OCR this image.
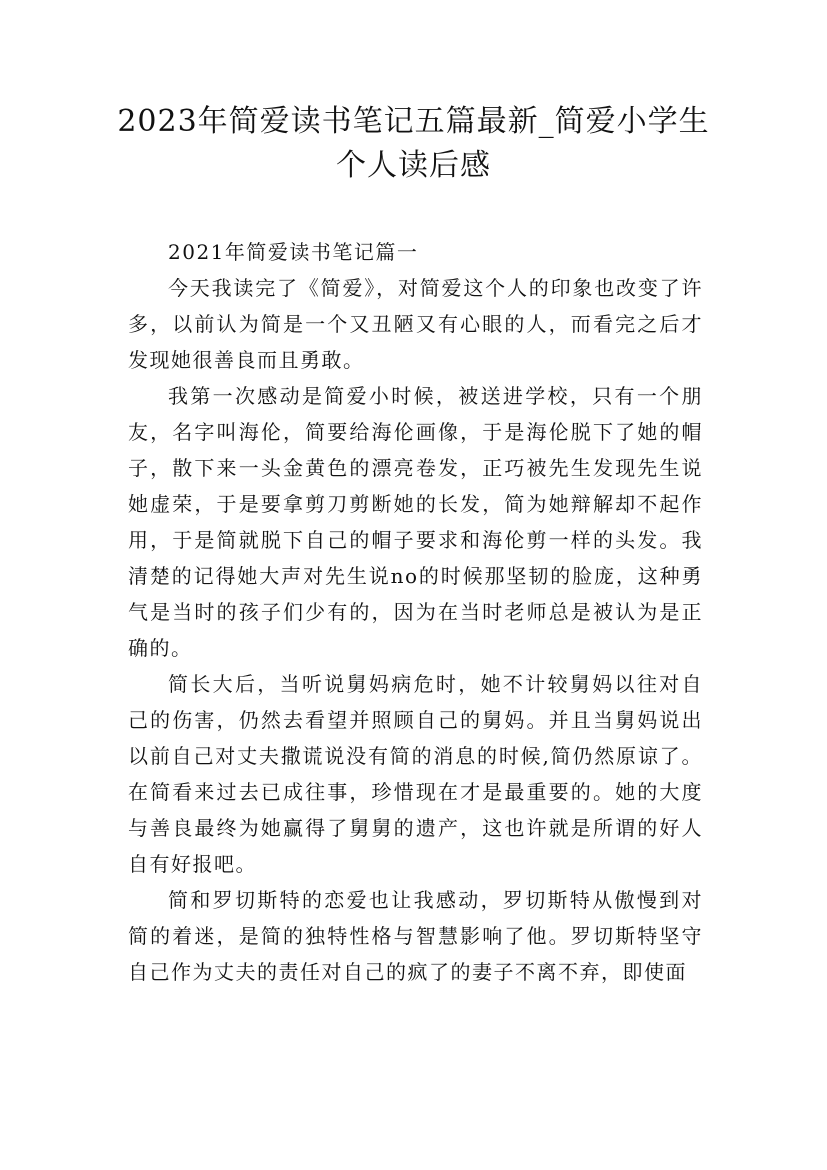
2023年简爱读书笔记五篇最新_简爱小学生
个人读后感

2021年简爱读书笔记篇一

今天我读完了《简爱》，对简爱这个人的印象也改变了许多，以前认为简是一个又丑陋又有心眼的人，而看完之后才发现她很善良而且勇敢。

我第一次感动是简爱小时候，被送进学校，只有一个朋友，名字叫海伦，简要给海伦画像，于是海伦脱下了她的帽子，散下来一头金黄色的漂亮卷发，正巧被先生发现先生说她虚荣，于是要拿剪刀剪断她的长发，简为她辩解却不起作用，于是简就脱下自己的帽子要求和海伦剪一样的头发。我清楚的记得她大声对先生说no的时候那坚韧的脸庞，这种勇气是当时的孩子们少有的，因为在当时老师总是被认为是正确的。

简长大后，当听说舅妈病危时，她不计较舅妈以往对自己的伤害，仍然去看望并照顾自己的舅妈。并且当舅妈说出以前自己对丈夫撒谎说没有简的消息的时候,简仍然原谅了。在简看来过去已成往事，珍惜现在才是最重要的。她的大度与善良最终为她赢得了舅舅的遗产，这也许就是所谓的好人自有好报吧。

简和罗切斯特的恋爱也让我感动，罗切斯特从傲慢到对简的着迷，是简的独特性格与智慧影响了他。罗切斯特坚守自己作为丈夫的责任对自己的疯了的妻子不离不弃，即使面
